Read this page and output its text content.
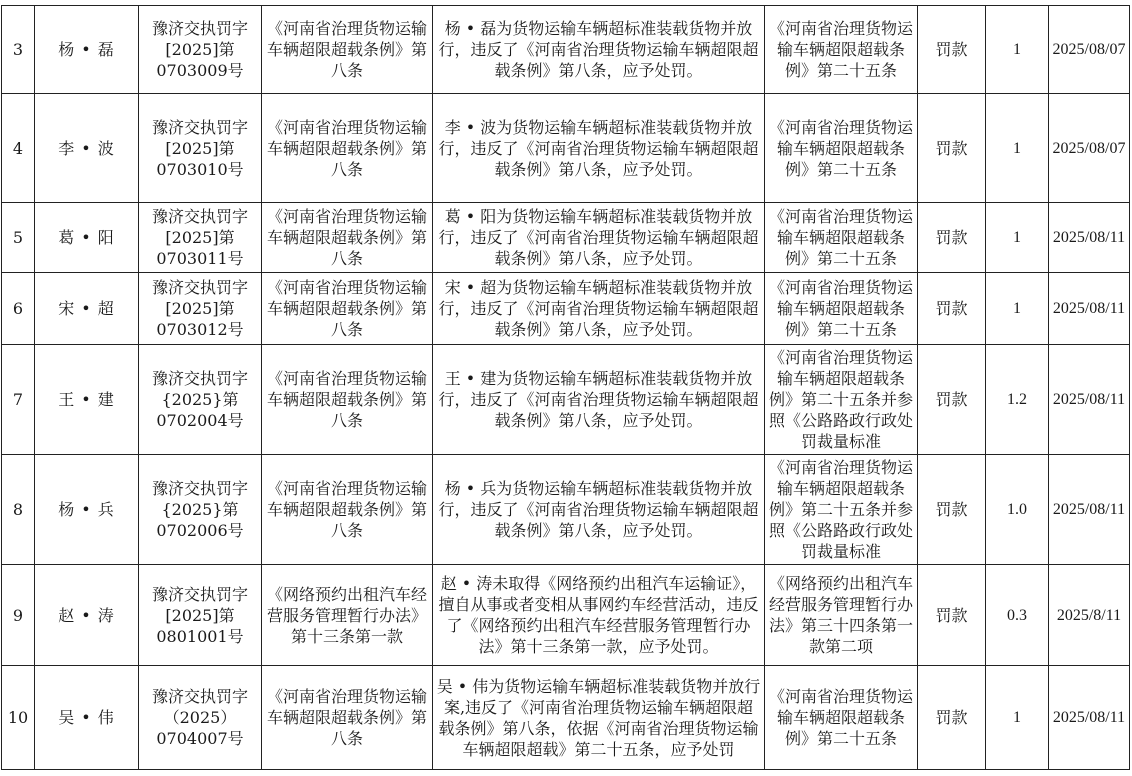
3	杨 • 磊	豫济交执罚字[2025]第0703009号	《河南省治理货物运输车辆超限超载条例》第八条	杨 • 磊为货物运输车辆超标准装载货物并放行，违反了《河南省治理货物运输车辆超限超载条例》第八条，应予处罚。	《河南省治理货物运输车辆超限超载条例》第二十五条	罚款	1	2025/08/07
4	李 • 波	豫济交执罚字[2025]第0703010号	《河南省治理货物运输车辆超限超载条例》第八条	李 • 波为货物运输车辆超标准装载货物并放行，违反了《河南省治理货物运输车辆超限超载条例》第八条，应予处罚。	《河南省治理货物运输车辆超限超载条例》第二十五条	罚款	1	2025/08/07
5	葛 • 阳	豫济交执罚字[2025]第0703011号	《河南省治理货物运输车辆超限超载条例》第八条	葛 • 阳为货物运输车辆超标准装载货物并放行，违反了《河南省治理货物运输车辆超限超载条例》第八条，应予处罚。	《河南省治理货物运输车辆超限超载条例》第二十五条	罚款	1	2025/08/11
6	宋 • 超	豫济交执罚字[2025]第0703012号	《河南省治理货物运输车辆超限超载条例》第八条	宋 • 超为货物运输车辆超标准装载货物并放行，违反了《河南省治理货物运输车辆超限超载条例》第八条，应予处罚。	《河南省治理货物运输车辆超限超载条例》第二十五条	罚款	1	2025/08/11
7	王 • 建	豫济交执罚字{2025}第0702004号	《河南省治理货物运输车辆超限超载条例》第八条	王 • 建为货物运输车辆超标准装载货物并放行，违反了《河南省治理货物运输车辆超限超载条例》第八条，应予处罚。	《河南省治理货物运输车辆超限超载条例》第二十五条并参照《公路路政行政处罚裁量标准	罚款	1.2	2025/08/11
8	杨 • 兵	豫济交执罚字{2025}第0702006号	《河南省治理货物运输车辆超限超载条例》第八条	杨 • 兵为货物运输车辆超标准装载货物并放行，违反了《河南省治理货物运输车辆超限超载条例》第八条，应予处罚。	《河南省治理货物运输车辆超限超载条例》第二十五条并参照《公路路政行政处罚裁量标准	罚款	1.0	2025/08/11
9	赵 • 涛	豫济交执罚字[2025]第0801001号	《网络预约出租汽车经营服务管理暂行办法》第十三条第一款	赵 • 涛未取得《网络预约出租汽车运输证》，擅自从事或者变相从事网约车经营活动，违反了《网络预约出租汽车经营服务管理暂行办法》第十三条第一款，应予处罚。	《网络预约出租汽车经营服务管理暂行办法》第三十四条第一款第二项	罚款	0.3	2025/8/11
10	吴 • 伟	豫济交执罚字（2025）0704007号	《河南省治理货物运输车辆超限超载条例》第八条	吴 • 伟为货物运输车辆超标准装载货物并放行案,违反了《河南省治理货物运输车辆超限超载条例》第八条，依据《河南省治理货物运输车辆超限超载》第二十五条，应予处罚	《河南省治理货物运输车辆超限超载条例》第二十五条	罚款	1	2025/08/11
